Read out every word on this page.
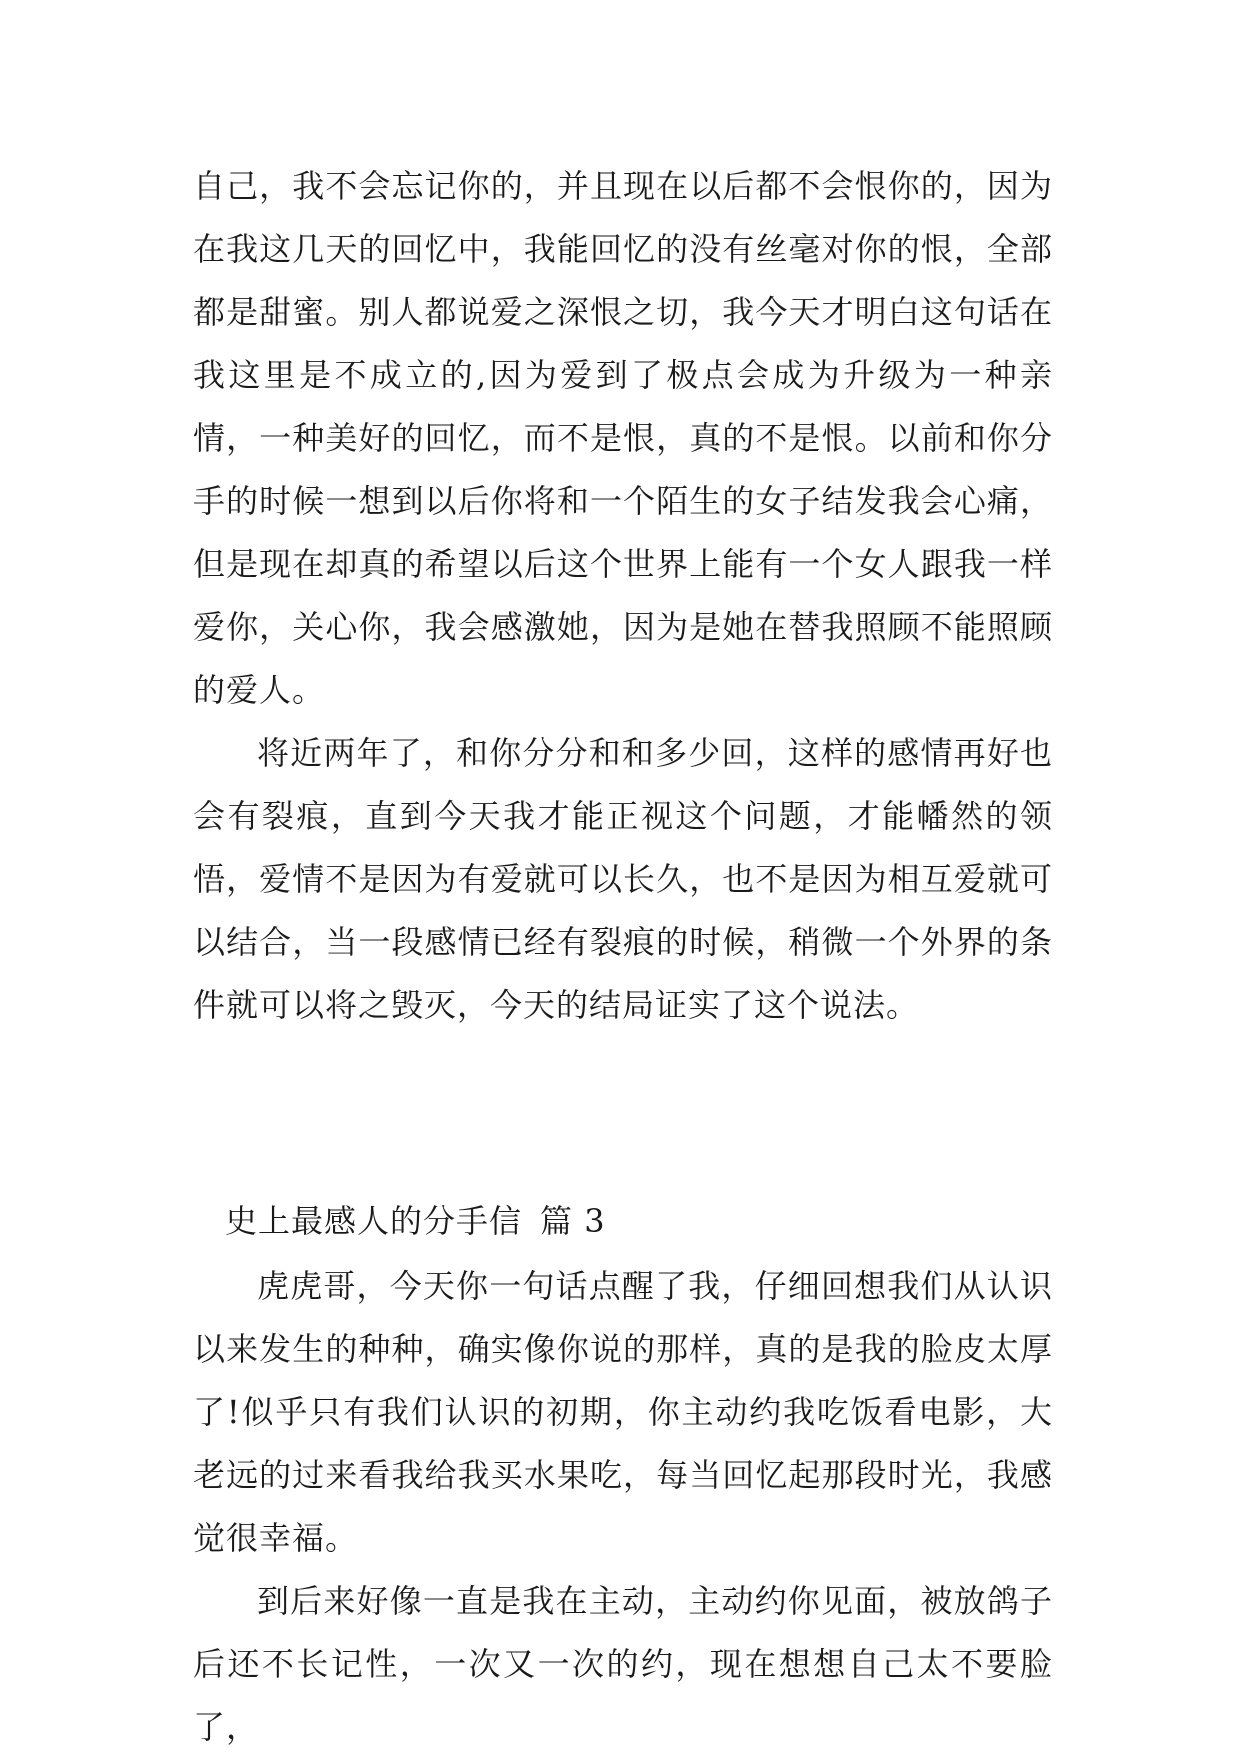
自己，我不会忘记你的，并且现在以后都不会恨你的，因为在我这几天的回忆中，我能回忆的没有丝毫对你的恨，全部都是甜蜜。别人都说爱之深恨之切，我今天才明白这句话在我这里是不成立的,因为爱到了极点会成为升级为一种亲情，一种美好的回忆，而不是恨，真的不是恨。以前和你分手的时候一想到以后你将和一个陌生的女子结发我会心痛，但是现在却真的希望以后这个世界上能有一个女人跟我一样爱你，关心你，我会感激她，因为是她在替我照顾不能照顾的爱人。

将近两年了，和你分分和和多少回，这样的感情再好也会有裂痕，直到今天我才能正视这个问题，才能幡然的领悟，爱情不是因为有爱就可以长久，也不是因为相互爱就可以结合，当一段感情已经有裂痕的时候，稍微一个外界的条件就可以将之毁灭，今天的结局证实了这个说法。

史上最感人的分手信 篇 3

虎虎哥，今天你一句话点醒了我，仔细回想我们从认识以来发生的种种，确实像你说的那样，真的是我的脸皮太厚了!似乎只有我们认识的初期，你主动约我吃饭看电影，大老远的过来看我给我买水果吃，每当回忆起那段时光，我感觉很幸福。

到后来好像一直是我在主动，主动约你见面，被放鸽子后还不长记性，一次又一次的约，现在想想自己太不要脸了，
